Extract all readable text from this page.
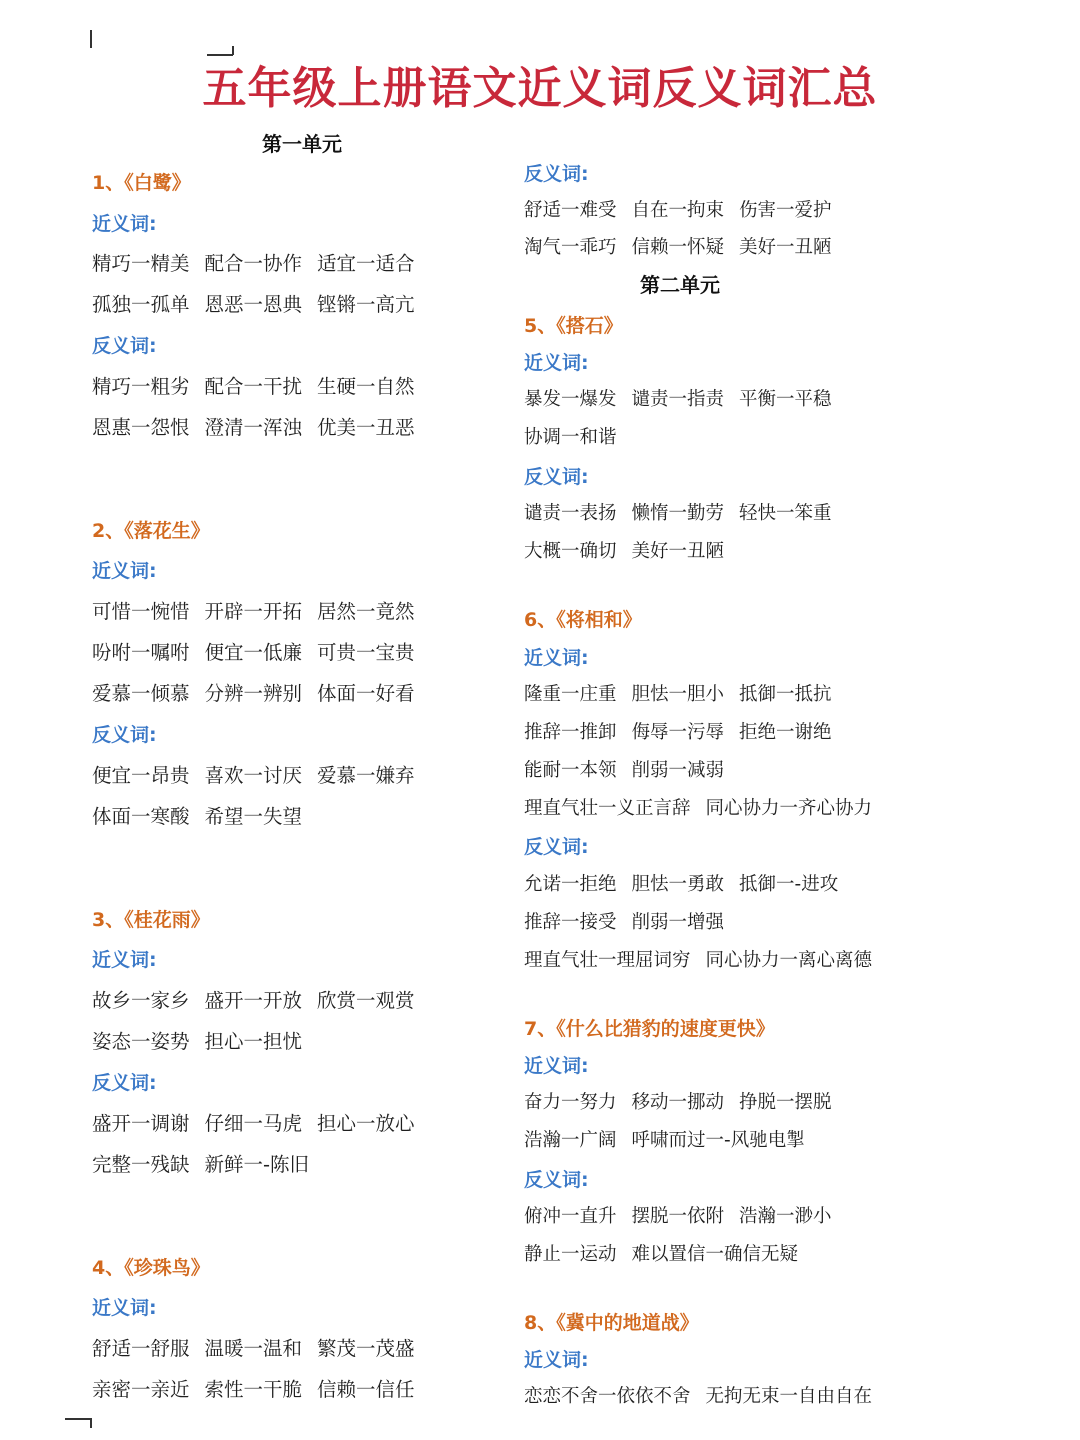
五年级上册语文近义词反义词汇总
第一单元
1、《白鹭》
近义词:
精巧一精美 配合一协作 适宜一适合
孤独一孤单 恩恶一恩典 铿锵一高亢
反义词:
精巧一粗劣 配合一干扰 生硬一自然
恩惠一怨恨 澄清一浑浊 优美一丑恶
2、《落花生》
近义词:
可惜一惋惜 开辟一开拓 居然一竟然
吩咐一嘱咐 便宜一低廉 可贵一宝贵
爱慕一倾慕 分辨一辨别 体面一好看
反义词:
便宜一昂贵 喜欢一讨厌 爱慕一嫌弃
体面一寒酸 希望一失望
3、《桂花雨》
近义词:
故乡一家乡 盛开一开放 欣赏一观赏
姿态一姿势 担心一担忧
反义词:
盛开一调谢 仔细一马虎 担心一放心
完整一残缺 新鲜一-陈旧
4、《珍珠鸟》
近义词:
舒适一舒服 温暖一温和 繁茂一茂盛
亲密一亲近 索性一干脆 信赖一信任
反义词:
舒适一难受 自在一拘束 伤害一爱护
淘气一乖巧 信赖一怀疑 美好一丑陋
第二单元
5、《搭石》
近义词:
暴发一爆发 谴责一指责 平衡一平稳
协调一和谐
反义词:
谴责一表扬 懒惰一勤劳 轻快一笨重
大概一确切 美好一丑陋
6、《将相和》
近义词:
隆重一庄重 胆怯一胆小 抵御一抵抗
推辞一推卸 侮辱一污辱 拒绝一谢绝
能耐一本领 削弱一减弱
理直气壮一义正言辞 同心协力一齐心协力
反义词:
允诺一拒绝 胆怯一勇敢 抵御一-进攻
推辞一接受 削弱一增强
理直气壮一理屈词穷 同心协力一离心离德
7、《什么比猎豹的速度更快》
近义词:
奋力一努力 移动一挪动 挣脱一摆脱
浩瀚一广阔 呼啸而过一-风驰电掣
反义词:
俯冲一直升 摆脱一依附 浩瀚一渺小
静止一运动 难以置信一确信无疑
8、《冀中的地道战》
近义词:
恋恋不舍一依依不舍 无拘无束一自由自在
